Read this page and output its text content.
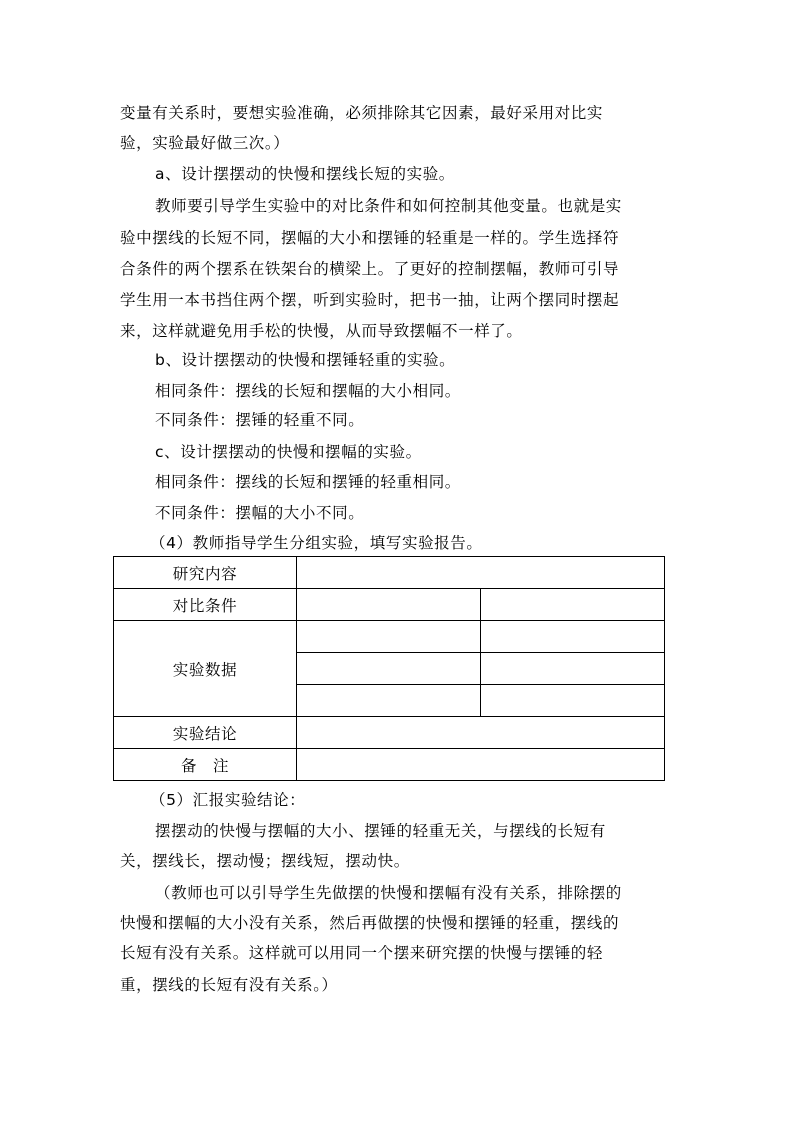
变量有关系时，要想实验准确，必须排除其它因素，最好采用对比实
验，实验最好做三次。）
a、设计摆摆动的快慢和摆线长短的实验。
教师要引导学生实验中的对比条件和如何控制其他变量。也就是实
验中摆线的长短不同，摆幅的大小和摆锤的轻重是一样的。学生选择符
合条件的两个摆系在铁架台的横梁上。了更好的控制摆幅，教师可引导
学生用一本书挡住两个摆，听到实验时，把书一抽，让两个摆同时摆起
来，这样就避免用手松的快慢，从而导致摆幅不一样了。
b、设计摆摆动的快慢和摆锤轻重的实验。
相同条件：摆线的长短和摆幅的大小相同。
不同条件：摆锤的轻重不同。
c、设计摆摆动的快慢和摆幅的实验。
相同条件：摆线的长短和摆锤的轻重相同。
不同条件：摆幅的大小不同。
（4）教师指导学生分组实验，填写实验报告。
研究内容		
对比条件		
实验数据		

实验结论		
备　注		
（5）汇报实验结论：
摆摆动的快慢与摆幅的大小、摆锤的轻重无关，与摆线的长短有
关，摆线长，摆动慢；摆线短，摆动快。
（教师也可以引导学生先做摆的快慢和摆幅有没有关系，排除摆的
快慢和摆幅的大小没有关系，然后再做摆的快慢和摆锤的轻重，摆线的
长短有没有关系。这样就可以用同一个摆来研究摆的快慢与摆锤的轻
重，摆线的长短有没有关系。）
